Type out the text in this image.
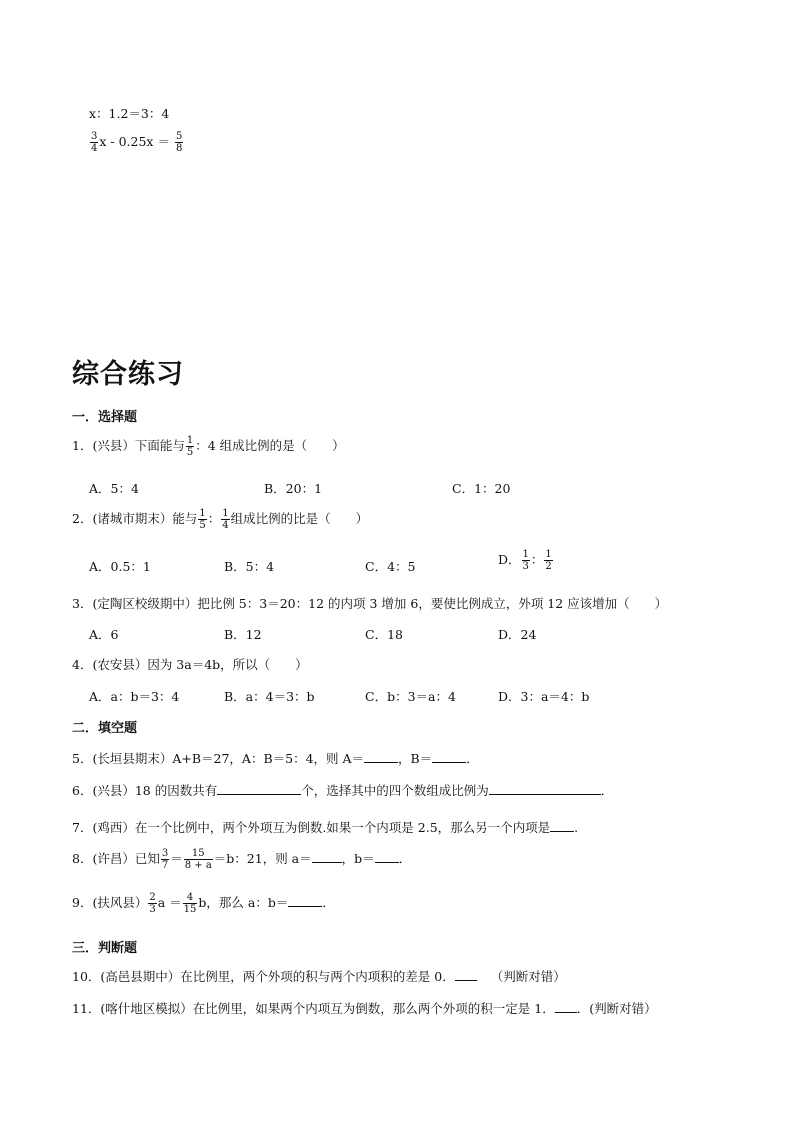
x：1.2＝3：4
$\frac{3}{4}$ $x - 0.25x = \frac{5}{8}$
综合练习
一．选择题
1．(兴县）下面能与 $\frac{1}{5}$ ：4 组成比例的是（　　）
A．5：4	B．20：1	C．1：20
2．(诸城市期末）能与 $\frac{1}{5}$ ： $\frac{1}{4}$ 组成比例的比是（　　）
A．0.5：1	B．5：4	C．4：5	D． $\frac{1}{3}$ ： $\frac{1}{2}$
3．(定陶区校级期中）把比例 5：3＝20：12 的内项 3 增加 6，要使比例成立，外项 12 应该增加（　　）
A．6	B．12	C．18	D．24
4．(农安县）因为 3a＝4b，所以（　　）
A．a：b＝3：4	B．a：4＝3：b	C．b：3＝a：4	D．3：a＝4：b
二．填空题
5．(长垣县期末）A+B＝27，A：B＝5：4，则 A＝	，B＝	．
6．(兴县）18 的因数共有	个，选择其中的四个数组成比例为	．
7．(鸡西）在一个比例中，两个外项互为倒数.如果一个内项是 2.5，那么另一个内项是 .
8．(许昌）已知 $\frac{3}{7} = \frac{15}{8 + a} =b$：21，则 a＝ ，b＝ ．
9．(扶风县） $\frac{2}{3}$ $a = \frac{4}{15}$ b，那么 a：b＝	．
三．判断题
10．(高邑县期中）在比例里，两个外项的积与两个内项积的差是 0．	（判断对错）
11．(喀什地区模拟）在比例里，如果两个内项互为倒数，那么两个外项的积一定是 1． ．(判断对错）
